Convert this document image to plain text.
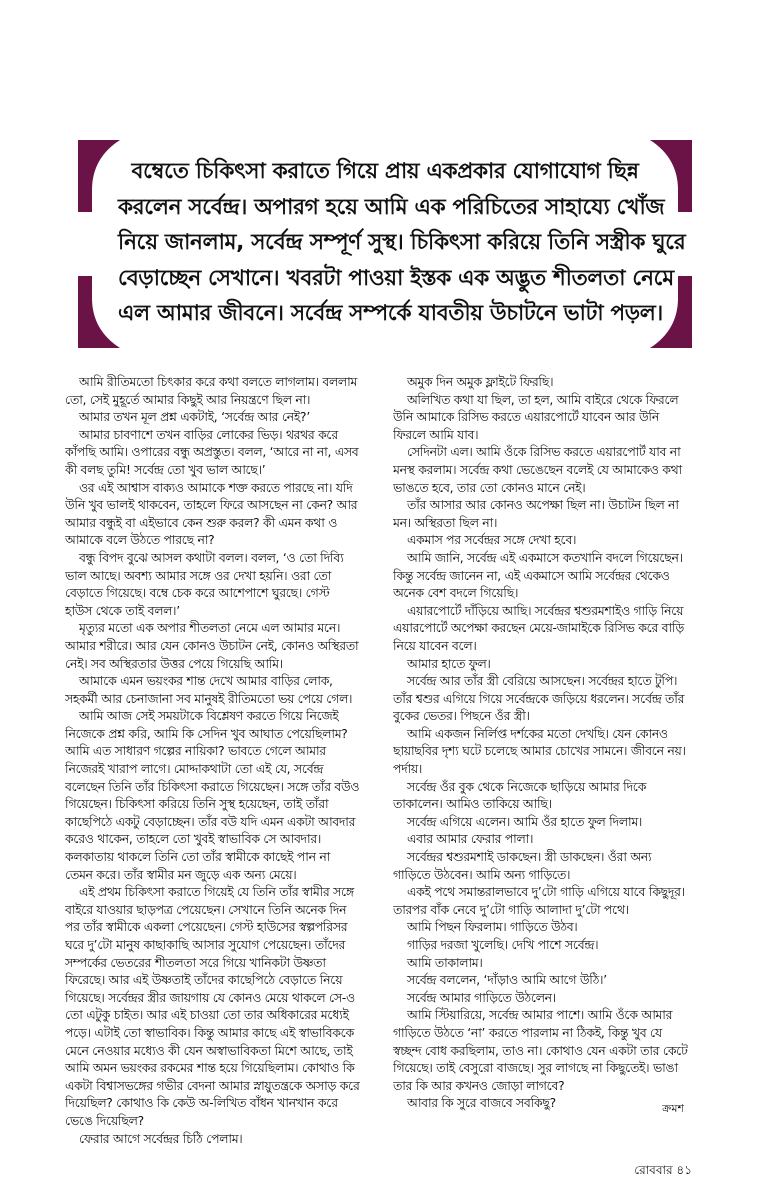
বম্বেতে চিকিৎসা করাতে গিয়ে প্রায় একপ্রকার যোগাযোগ ছিন্ন
করলেন সর্বেন্দ্র। অপারগ হয়ে আমি এক পরিচিতের সাহায্যে খোঁজ
নিয়ে জানলাম, সর্বেন্দ্র সম্পূর্ণ সুস্থ। চিকিৎসা করিয়ে তিনি সস্ত্রীক ঘুরে
বেড়াচ্ছেন সেখানে। খবরটা পাওয়া ইস্তক এক অদ্ভুত শীতলতা নেমে
এল আমার জীবনে। সর্বেন্দ্র সম্পর্কে যাবতীয় উচাটনে ভাটা পড়ল।
আমি রীতিমতো চিৎকার করে কথা বলতে লাগলাম। বললাম
তো, সেই মুহূর্তে আমার কিছুই আর নিয়ন্ত্রণে ছিল না।
আমার তখন মূল প্রশ্ন একটাই, ‘সর্বেন্দ্র আর নেই?’
আমার চাবণাশে তখন বাড়ির লোকের ভিড়। থরথর করে
কাঁপছি আমি। ওপারের বন্ধু অপ্রস্তুত। বলল, ‘আরে না না, এসব
কী বলছ তুমি! সর্বেন্দ্র তো খুব ভাল আছে।’
ওর এই আশ্বাস বাক্যও আমাকে শক্ত করতে পারছে না। যদি
উনি খুব ভালই থাকবেন, তাহলে ফিরে আসছেন না কেন? আর
আমার বন্ধুই বা এইভাবে কেন শুরু করল? কী এমন কথা ও
আমাকে বলে উঠতে পারছে না?
বন্ধু বিপদ বুঝে আসল কথাটা বলল। বলল, ‘ও তো দিব্যি
ভাল আছে। অবশ্য আমার সঙ্গে ওর দেখা হয়নি। ওরা তো
বেড়াতে গিয়েছে। বম্বে চেক করে আশেপাশে ঘুরছে। গেস্ট
হাউস থেকে তাই বলল।’
মৃত্যুর মতো এক অপার শীতলতা নেমে এল আমার মনে।
আমার শরীরে। আর যেন কোনও উচাটন নেই, কোনও অস্থিরতা
নেই। সব অস্থিরতার উত্তর পেয়ে গিয়েছি আমি।
আমাকে এমন ভয়ংকর শান্ত দেখে আমার বাড়ির লোক,
সহকর্মী আর চেনাজানা সব মানুষই রীতিমতো ভয় পেয়ে গেল।
আমি আজ সেই সময়টাকে বিশ্লেষণ করতে গিয়ে নিজেই
নিজেকে প্রশ্ন করি, আমি কি সেদিন খুব আঘাত পেয়েছিলাম?
আমি এত সাধারণ গল্পের নায়িকা? ভাবতে গেলে আমার
নিজেরই খারাপ লাগে। মোদ্দাকথাটা তো এই যে, সর্বেন্দ্র
বলেছেন তিনি তাঁর চিকিৎসা করাতে গিয়েছেন। সঙ্গে তাঁর বউও
গিয়েছেন। চিকিৎসা করিয়ে তিনি সুস্থ হয়েছেন, তাই তাঁরা
কাছেপিঠে একটু বেড়াচ্ছেন। তাঁর বউ যদি এমন একটা আবদার
করেও থাকেন, তাহলে তো খুবই স্বাভাবিক সে আবদার।
কলকাতায় থাকলে তিনি তো তাঁর স্বামীকে কাছেই পান না
তেমন করে। তাঁর স্বামীর মন জুড়ে এক অন্য মেয়ে।
এই প্রথম চিকিৎসা করাতে গিয়েই যে তিনি তাঁর স্বামীর সঙ্গে
বাইরে যাওয়ার ছাড়পত্র পেয়েছেন। সেখানে তিনি অনেক দিন
পর তাঁর স্বামীকে একলা পেয়েছেন। গেস্ট হাউসের স্বল্পপরিসর
ঘরে দু’টো মানুষ কাছাকাছি আসার সুযোগ পেয়েছেন। তাঁদের
সম্পর্কের ভেতরের শীতলতা সরে গিয়ে খানিকটা উষ্ণতা
ফিরেছে। আর এই উষ্ণতাই তাঁদের কাছেপিঠে বেড়াতে নিয়ে
গিয়েছে। সর্বেন্দ্রর স্ত্রীর জায়গায় যে কোনও মেয়ে থাকলে সে-ও
তো এটুকু চাইত। আর এই চাওয়া তো তার অধিকারের মধ্যেই
পড়ে। এটাই তো স্বাভাবিক। কিন্তু আমার কাছে এই স্বাভাবিককে
মেনে নেওয়ার মধ্যেও কী যেন অস্বাভাবিকতা মিশে আছে, তাই
আমি অমন ভয়ংকর রকমের শান্ত হয়ে গিয়েছিলাম। কোথাও কি
একটা বিশ্বাসভঙ্গের গভীর বেদনা আমার স্নায়ুতন্ত্রকে অসাড় করে
দিয়েছিল? কোথাও কি কেউ অ-লিখিত বাঁধন খানখান করে
ভেঙে দিয়েছিল?
ফেরার আগে সর্বেন্দ্রর চিঠি পেলাম।
অমুক দিন অমুক ফ্লাইটে ফিরছি।
অলিখিত কথা যা ছিল, তা হল, আমি বাইরে থেকে ফিরলে
উনি আমাকে রিসিভ করতে এয়ারপোর্টে যাবেন আর উনি
ফিরলে আমি যাব।
সেদিনটা এল। আমি ওঁকে রিসিভ করতে এয়ারপোর্ট যাব না
মনস্থ করলাম। সর্বেন্দ্র কথা ভেঙেছেন বলেই যে আমাকেও কথা
ভাঙতে হবে, তার তো কোনও মানে নেই।
তাঁর আসার আর কোনও অপেক্ষা ছিল না। উচাটন ছিল না
মন। অস্থিরতা ছিল না।
একমাস পর সর্বেন্দ্রর সঙ্গে দেখা হবে।
আমি জানি, সর্বেন্দ্র এই একমাসে কতখানি বদলে গিয়েছেন।
কিন্তু সর্বেন্দ্র জানেন না, এই একমাসে আমি সর্বেন্দ্রর থেকেও
অনেক বেশ বদলে গিয়েছি।
এয়ারপোর্টে দাঁড়িয়ে আছি। সর্বেন্দ্রর শ্বশুরমশাইও গাড়ি নিয়ে
এয়ারপোর্টে অপেক্ষা করছেন মেয়ে-জামাইকে রিসিভ করে বাড়ি
নিয়ে যাবেন বলে।
আমার হাতে ফুল।
সর্বেন্দ্র আর তাঁর স্ত্রী বেরিয়ে আসছেন। সর্বেন্দ্রর হাতে টুপি।
তাঁর শ্বশুর এগিয়ে গিয়ে সর্বেন্দ্রকে জড়িয়ে ধরলেন। সর্বেন্দ্র তাঁর
বুকের ভেতর। পিছনে ওঁর স্ত্রী।
আমি একজন নির্লিপ্ত দর্শকের মতো দেখছি। যেন কোনও
ছায়াছবির দৃশ্য ঘটে চলেছে আমার চোখের সামনে। জীবনে নয়।
পর্দায়।
সর্বেন্দ্র ওঁর বুক থেকে নিজেকে ছাড়িয়ে আমার দিকে
তাকালেন। আমিও তাকিয়ে আছি।
সর্বেন্দ্র এগিয়ে এলেন। আমি ওঁর হাতে ফুল দিলাম।
এবার আমার ফেরার পালা।
সর্বেন্দ্রর শ্বশুরমশাই ডাকছেন। স্ত্রী ডাকছেন। ওঁরা অন্য
গাড়িতে উঠবেন। আমি অন্য গাড়িতে।
একই পথে সমান্তরালভাবে দু’টো গাড়ি এগিয়ে যাবে কিছুদূর।
তারপর বাঁক নেবে দু’টো গাড়ি আলাদা দু’টো পথে।
আমি পিছন ফিরলাম। গাড়িতে উঠব।
গাড়ির দরজা খুলেছি। দেখি পাশে সর্বেন্দ্র।
আমি তাকালাম।
সর্বেন্দ্র বললেন, ‘দাঁড়াও আমি আগে উঠি।’
সর্বেন্দ্র আমার গাড়িতে উঠলেন।
আমি স্টিয়ারিয়ে, সর্বেন্দ্র আমার পাশে। আমি ওঁকে আমার
গাড়িতে উঠতে ‘না’ করতে পারলাম না ঠিকই, কিন্তু খুব যে
স্বচ্ছন্দ বোধ করছিলাম, তাও না। কোথাও যেন একটা তার কেটে
গিয়েছে। তাই বেসুরো বাজছে। সুর লাগছে না কিছুতেই। ভাঙা
তার কি আর কখনও জোড়া লাগবে?
আবার কি সুরে বাজবে সবকিছু?	ক্রমশ
রোববার ৪১
